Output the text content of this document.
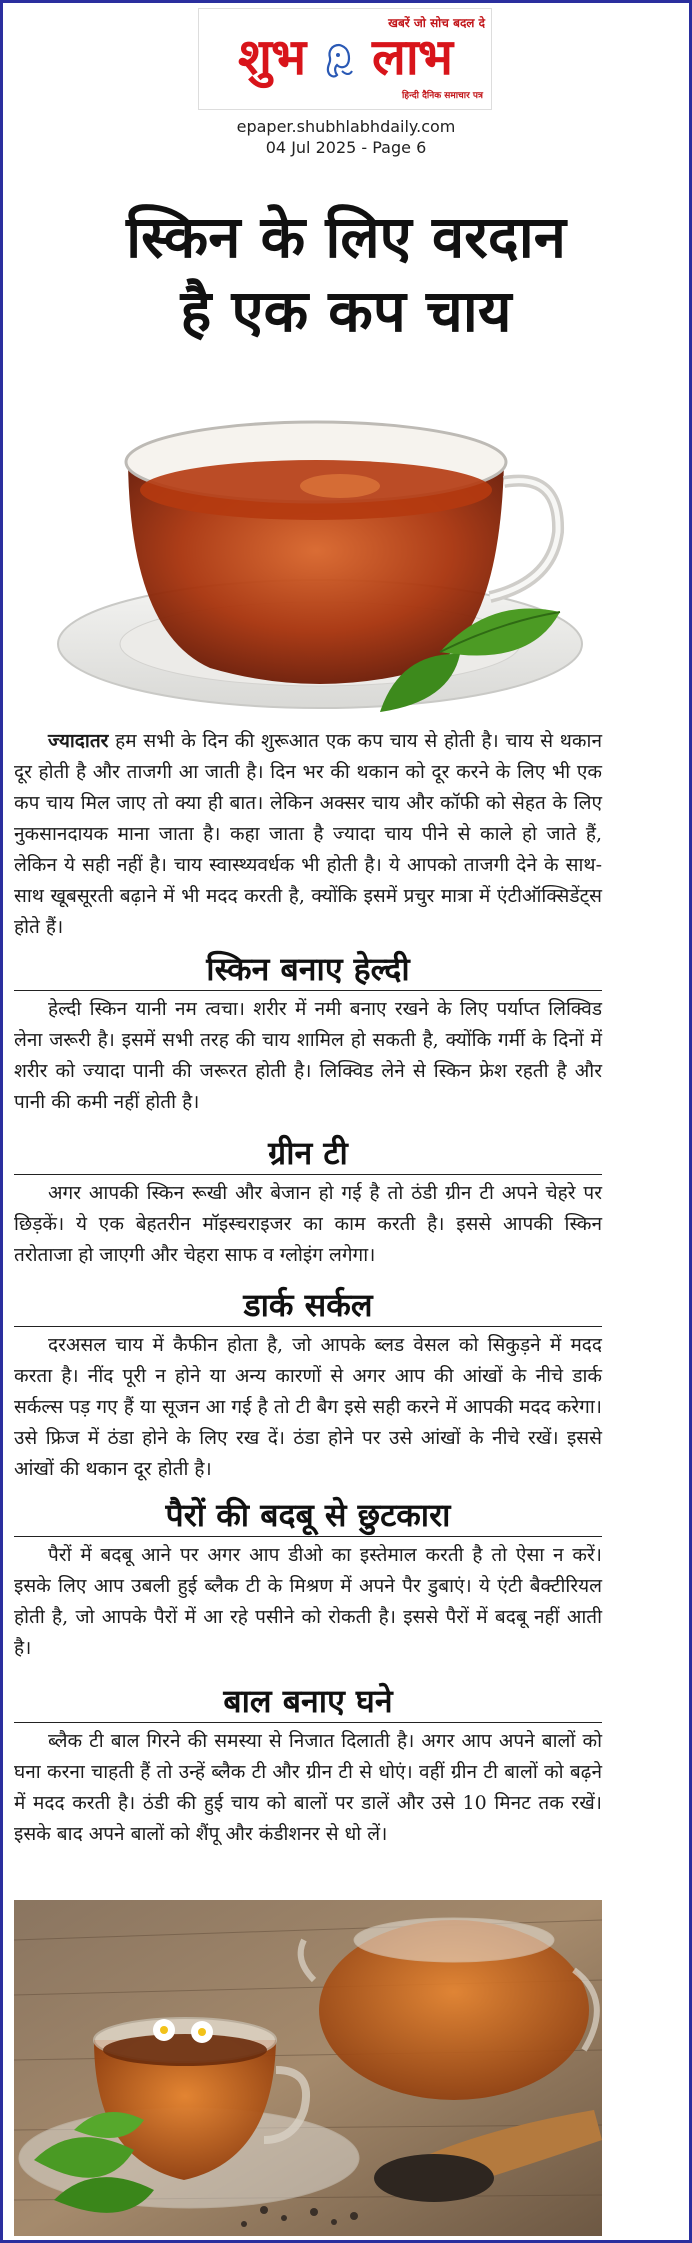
खबरें जो सोच बदल दे
शुभ लाभ
हिन्दी दैनिक समाचार पत्र
epaper.shubhlabhdaily.com
04 Jul 2025 - Page 6
स्किन के लिए वरदान
है एक कप चाय

ज्यादातर हम सभी के दिन की शुरूआत एक कप चाय से होती है। चाय से थकान दूर होती है और ताजगी आ जाती है। दिन भर की थकान को दूर करने के लिए भी एक कप चाय मिल जाए तो क्या ही बात। लेकिन अक्सर चाय और कॉफी को सेहत के लिए नुकसानदायक माना जाता है। कहा जाता है ज्यादा चाय पीने से काले हो जाते हैं, लेकिन ये सही नहीं है। चाय स्वास्थ्यवर्धक भी होती है। ये आपको ताजगी देने के साथ-साथ खूबसूरती बढ़ाने में भी मदद करती है, क्योंकि इसमें प्रचुर मात्रा में एंटीऑक्सिडेंट्स होते हैं।

स्किन बनाए हेल्दी

हेल्दी स्किन यानी नम त्वचा। शरीर में नमी बनाए रखने के लिए पर्याप्त लिक्विड लेना जरूरी है। इसमें सभी तरह की चाय शामिल हो सकती है, क्योंकि गर्मी के दिनों में शरीर को ज्यादा पानी की जरूरत होती है। लिक्विड लेने से स्किन फ्रेश रहती है और पानी की कमी नहीं होती है।

ग्रीन टी

अगर आपकी स्किन रूखी और बेजान हो गई है तो ठंडी ग्रीन टी अपने चेहरे पर छिड़कें। ये एक बेहतरीन मॉइस्चराइजर का काम करती है। इससे आपकी स्किन तरोताजा हो जाएगी और चेहरा साफ व ग्लोइंग लगेगा।

डार्क सर्कल

दरअसल चाय में कैफीन होता है, जो आपके ब्लड वेसल को सिकुड़ने में मदद करता है। नींद पूरी न होने या अन्य कारणों से अगर आप की आंखों के नीचे डार्क सर्कल्स पड़ गए हैं या सूजन आ गई है तो टी बैग इसे सही करने में आपकी मदद करेगा। उसे फ्रिज में ठंडा होने के लिए रख दें। ठंडा होने पर उसे आंखों के नीचे रखें। इससे आंखों की थकान दूर होती है।

पैरों की बदबू से छुटकारा

पैरों में बदबू आने पर अगर आप डीओ का इस्तेमाल करती है तो ऐसा न करें। इसके लिए आप उबली हुई ब्लैक टी के मिश्रण में अपने पैर डुबाएं। ये एंटी बैक्टीरियल होती है, जो आपके पैरों में आ रहे पसीने को रोकती है। इससे पैरों में बदबू नहीं आती है।

बाल बनाए घने

ब्लैक टी बाल गिरने की समस्या से निजात दिलाती है। अगर आप अपने बालों को घना करना चाहती हैं तो उन्हें ब्लैक टी और ग्रीन टी से धोएं। वहीं ग्रीन टी बालों को बढ़ने में मदद करती है। ठंडी की हुई चाय को बालों पर डालें और उसे 10 मिनट तक रखें। इसके बाद अपने बालों को शैंपू और कंडीशनर से धो लें।
